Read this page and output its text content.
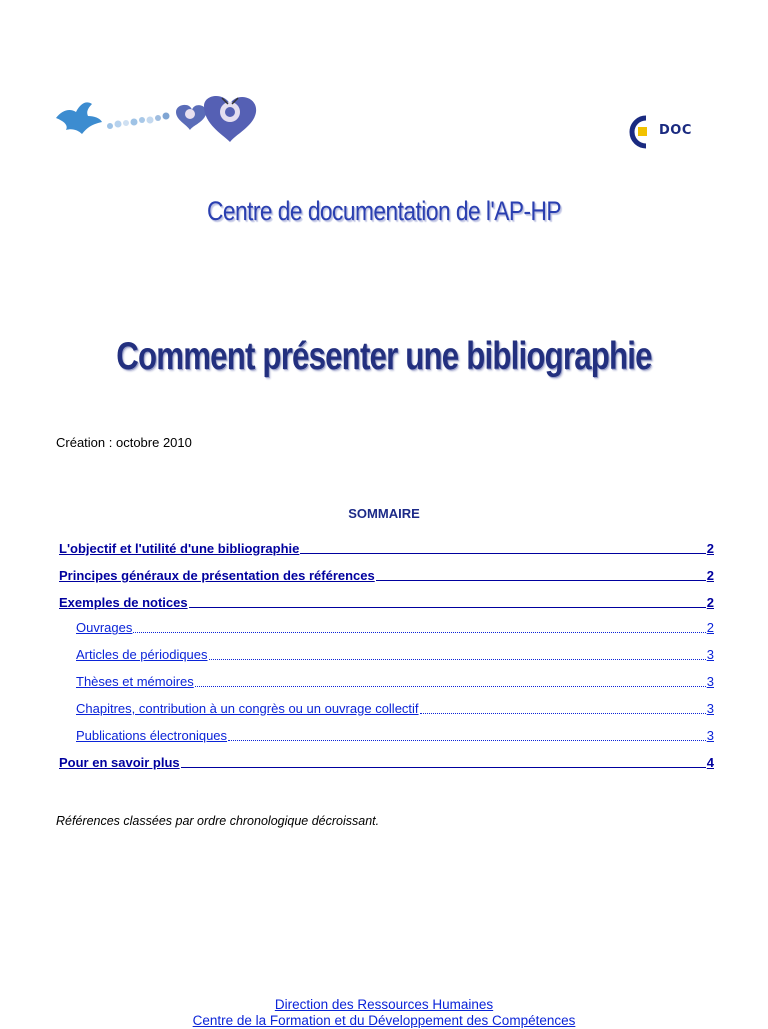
DOC
Centre de documentation de l'AP-HP
Comment présenter une bibliographie
Création : octobre 2010
SOMMAIRE
L'objectif et l'utilité d'une bibliographie	2
Principes généraux de présentation des références	2
Exemples de notices	2
Ouvrages	2
Articles de périodiques	3
Thèses et mémoires	3
Chapitres, contribution à un congrès ou un ouvrage collectif	3
Publications électroniques	3
Pour en savoir plus	4
Références classées par ordre chronologique décroissant.
Direction des Ressources Humaines
Centre de la Formation et du Développement des Compétences
